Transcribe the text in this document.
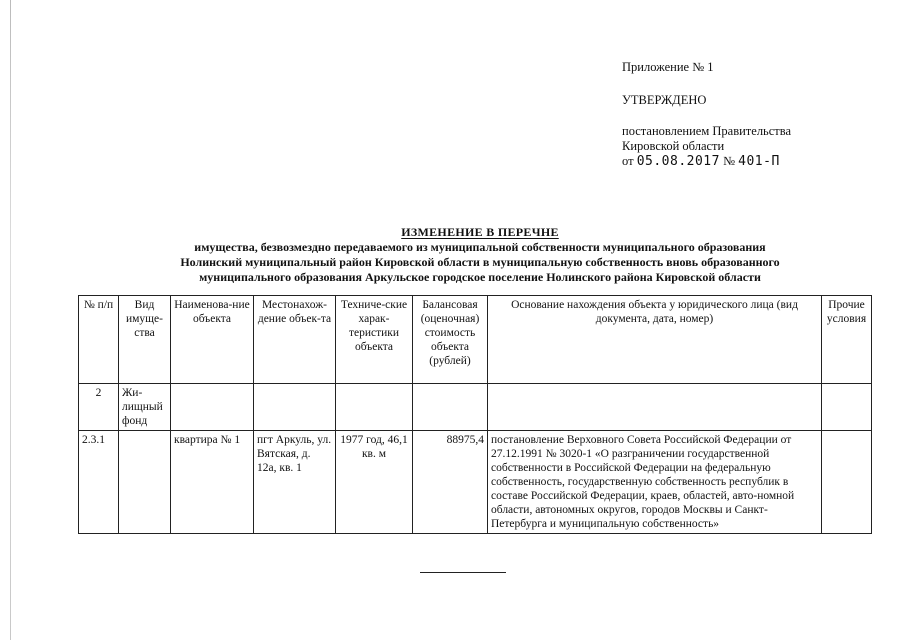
Приложение № 1
УТВЕРЖДЕНО
постановлением Правительства
Кировской области
от 05.08.2017 № 401-П
ИЗМЕНЕНИЕ В ПЕРЕЧНЕ
имущества, безвозмездно передаваемого из муниципальной собственности муниципального образования
Нолинский муниципальный район Кировской области в муниципальную собственность вновь образованного
муниципального образования Аркульское городское поселение Нолинского района Кировской области
№ п/п	Вид имуще-ства	Наименова-ние объекта	Местонахож-дение объек-та	Техниче-ские харак-теристики объекта	Балансовая (оценочная) стоимость объекта (рублей)	Основание нахождения объекта у юридического лица (вид документа, дата, номер)	Прочие условия
2	Жи-лищный фонд						
2.3.1		квартира № 1	пгт Аркуль, ул. Вятская, д. 12а, кв. 1	1977 год, 46,1 кв. м	88975,4	постановление Верховного Совета Российской Федерации от 27.12.1991 № 3020-1 «О разграничении государственной собственности в Российской Федерации на федеральную собственность, государственную собственность республик в составе Российской Федерации, краев, областей, авто-номной области, автономных округов, городов Москвы и Санкт-Петербурга и муниципальную собственность»	
